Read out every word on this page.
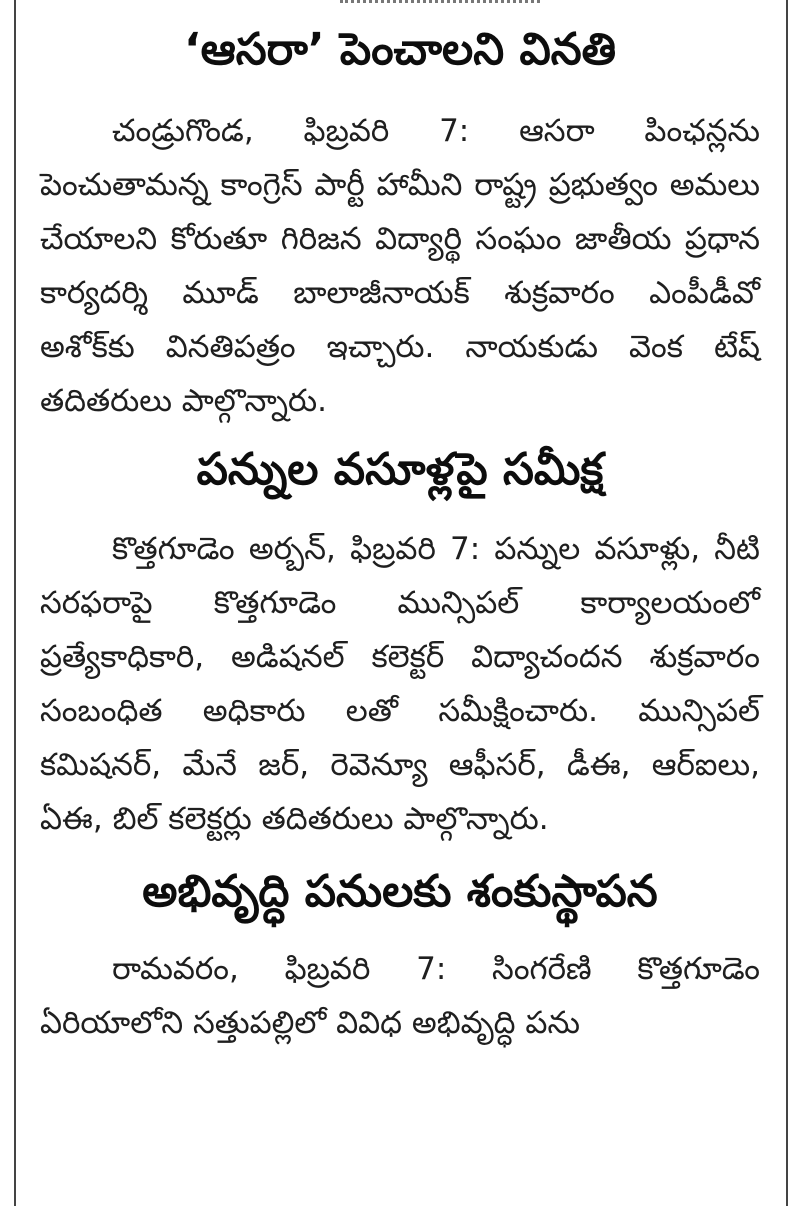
‘ఆసరా’ పెంచాలని వినతి

చండ్రుగొండ, ఫిబ్రవరి 7: ఆసరా పింఛన్లను పెంచుతామన్న కాంగ్రెస్ పార్టీ హామీని రాష్ట్ర ప్రభుత్వం అమలు చేయాలని కోరుతూ గిరిజన విద్యార్థి సంఘం జాతీయ ప్రధాన కార్యదర్శి మూడ్ బాలాజీనాయక్ శుక్రవారం ఎంపీడీవో అశోక్‌కు వినతిపత్రం ఇచ్చారు. నాయకుడు వెంక టేష్ తదితరులు పాల్గొన్నారు.

పన్నుల వసూళ్లపై సమీక్ష

కొత్తగూడెం అర్బన్, ఫిబ్రవరి 7: పన్నుల వసూళ్లు, నీటి సరఫరాపై కొత్తగూడెం మున్సిపల్ కార్యాలయంలో ప్రత్యేకాధికారి, అడిషనల్ కలెక్టర్ విద్యాచందన శుక్రవారం సంబంధిత అధికారు లతో సమీక్షించారు. మున్సిపల్ కమిషనర్, మేనే జర్, రెవెన్యూ ఆఫీసర్, డీఈ, ఆర్‌ఐలు, ఏఈ, బిల్ కలెక్టర్లు తదితరులు పాల్గొన్నారు.

అభివృద్ధి పనులకు శంకుస్థాపన

రామవరం, ఫిబ్రవరి 7: సింగరేణి కొత్తగూడెం ఏరియాలోని సత్తుపల్లిలో వివిధ అభివృద్ధి పను
